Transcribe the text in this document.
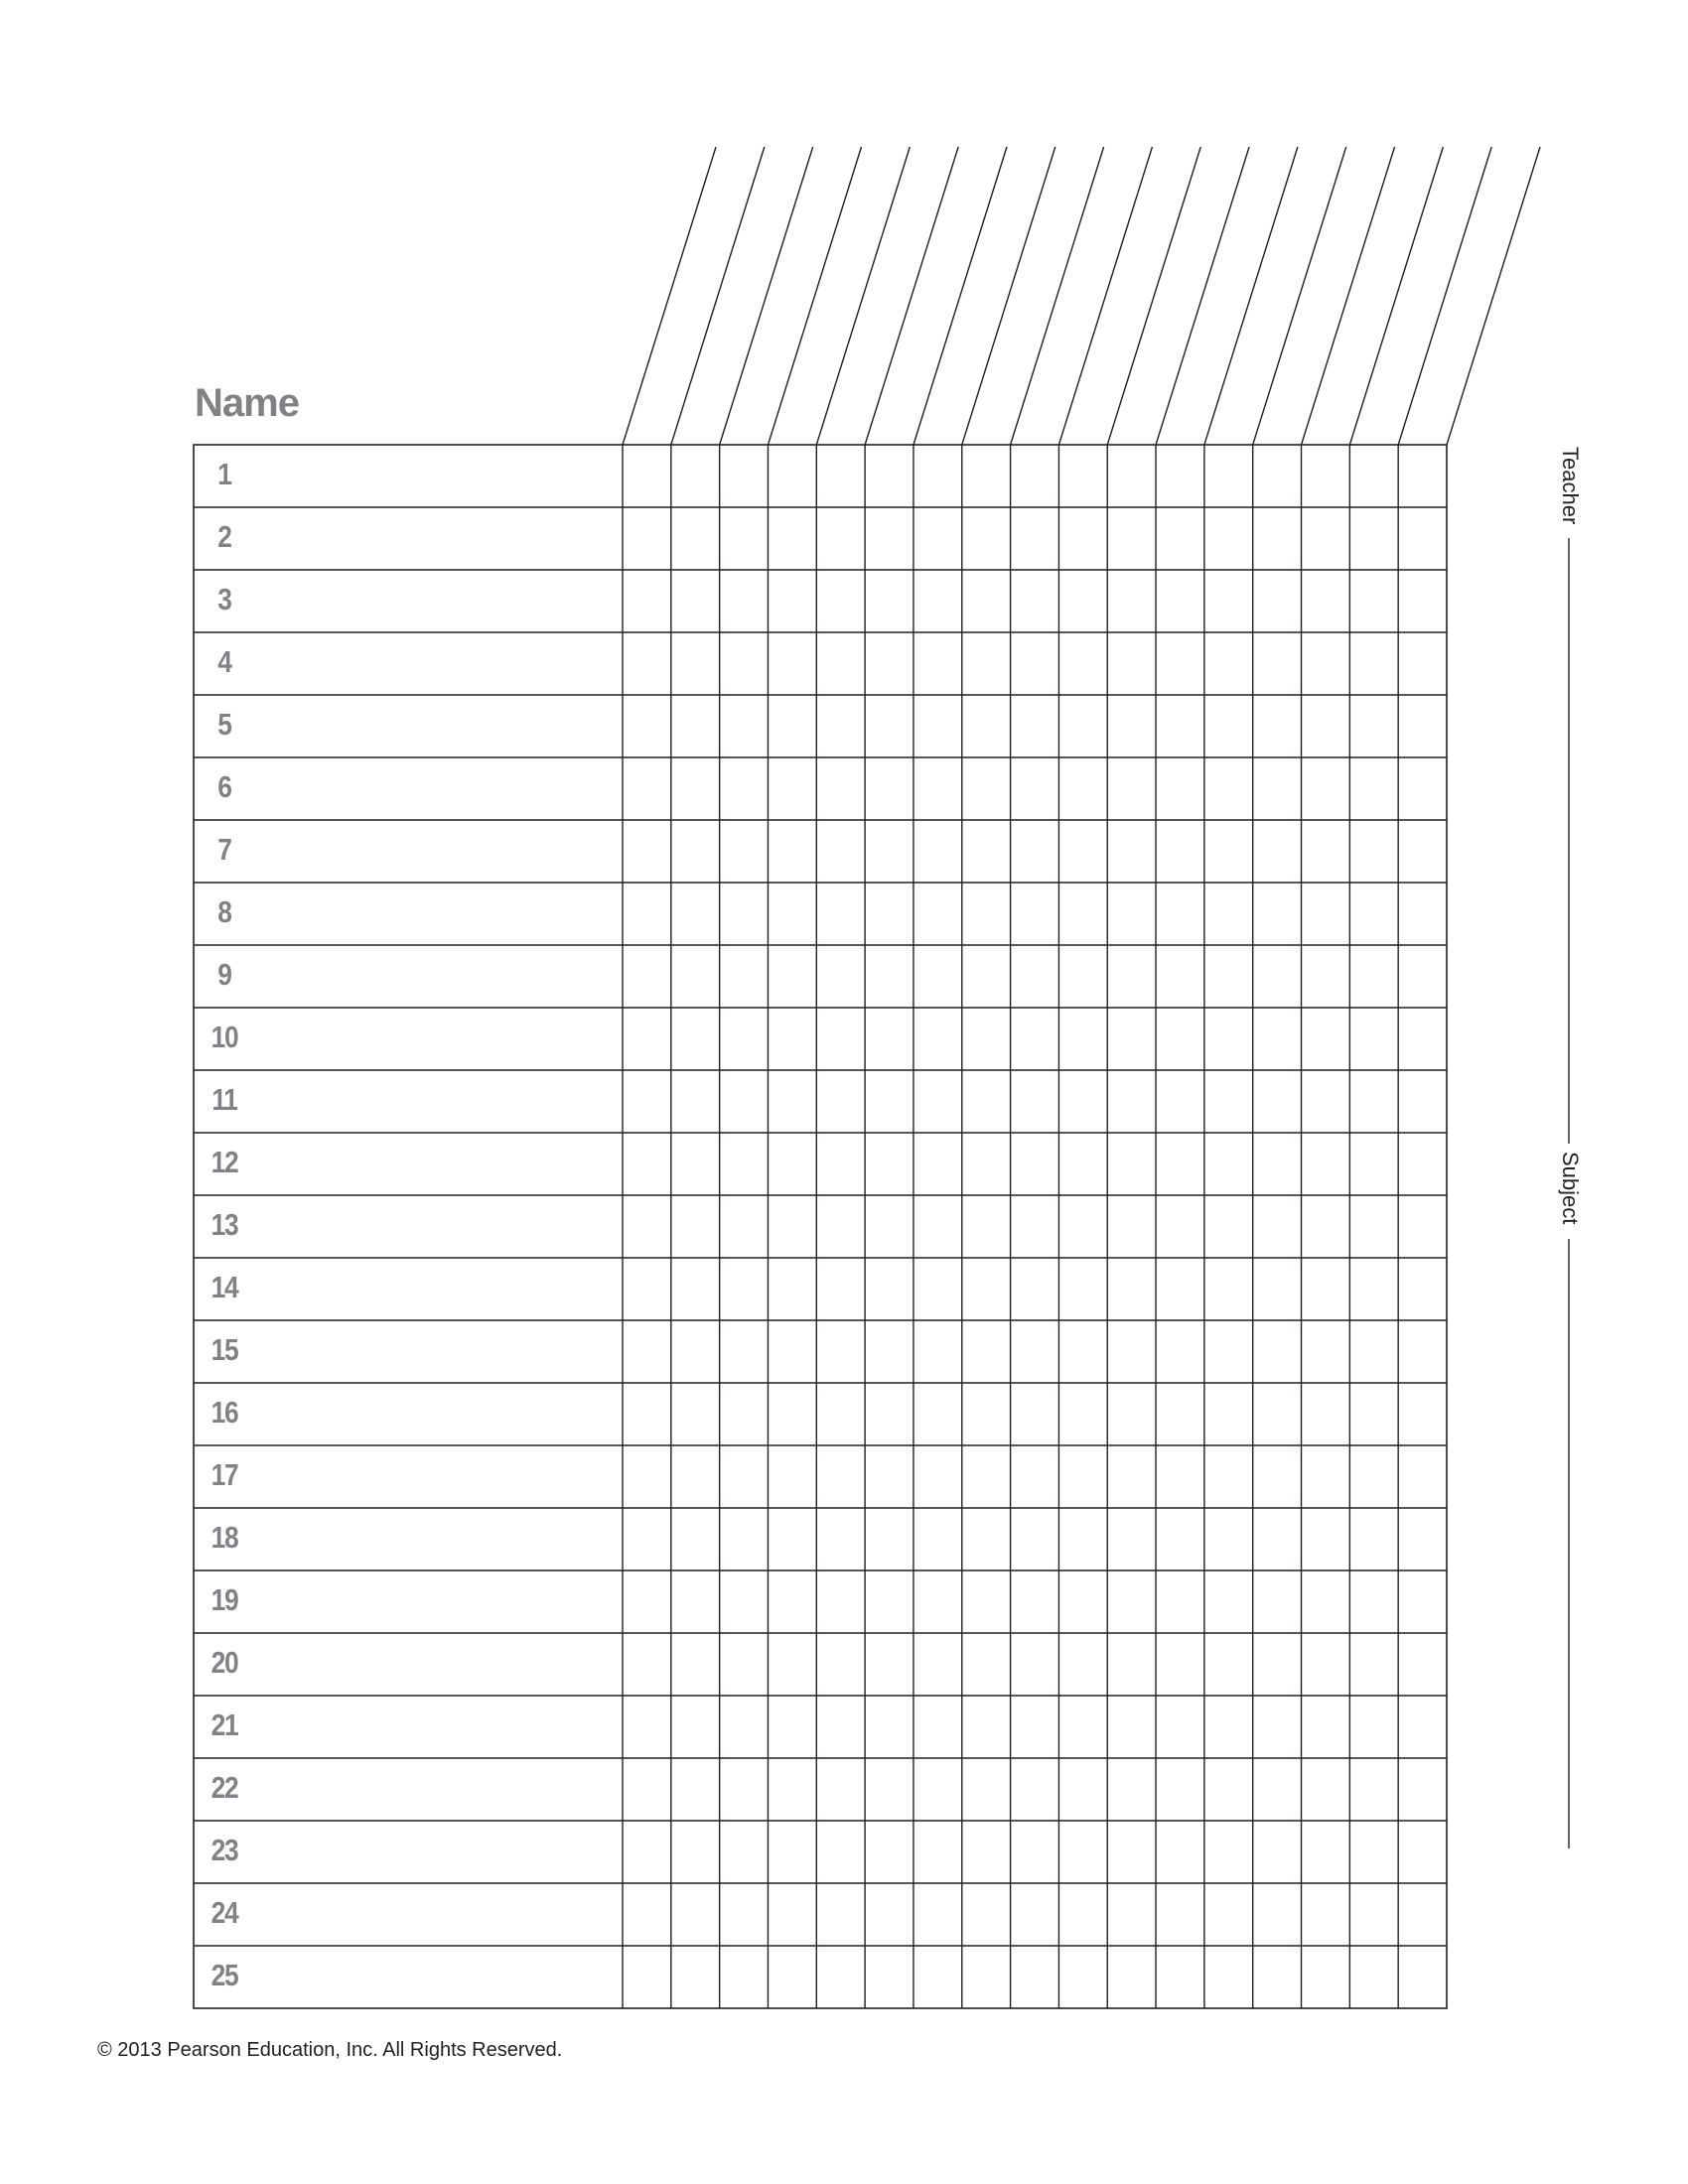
Name
1
2
3
4
5
6
7
8
9
10
11
12
13
14
15
16
17
18
19
20
21
22
23
24
25
Teacher
Subject
© 2013 Pearson Education, Inc. All Rights Reserved.
